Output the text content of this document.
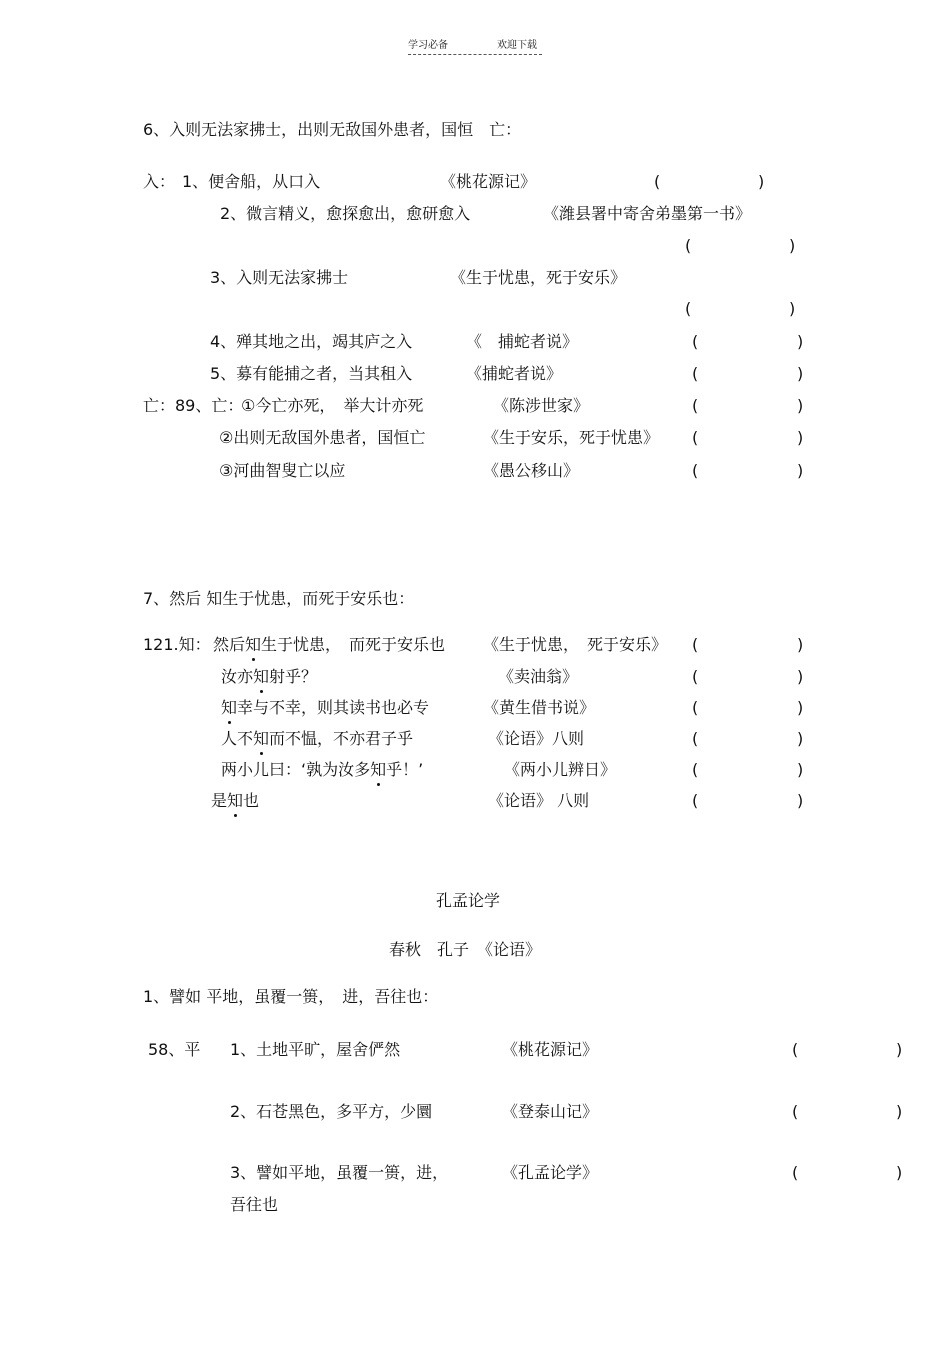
学习必备	欢迎下载
6、入则无法家拂士，出则无敌国外患者，国恒　亡：
入： 1、便舍船，从口入	《桃花源记》	(	)
2、微言精义，愈探愈出，愈研愈入	《潍县署中寄舍弟墨第一书》
(	)
3、入则无法家拂士	《生于忧患，死于安乐》
(	)
4、殚其地之出，竭其庐之入	《　捕蛇者说》	(	)
5、募有能捕之者，当其租入	《捕蛇者说》	(	)
亡：89、亡：
①今亡亦死，　举大计亦死	《陈涉世家》	(	)
②出则无敌国外患者，国恒亡	《生于安乐，死于忧患》 (	)
③河曲智叟亡以应	《愚公移山》	(	)
7、然后 知生于忧患，而死于安乐也：
121.知： 然后知生于忧患，　而死于安乐也 《生于忧患，　死于安乐》 (	)
汝亦知射乎？	《卖油翁》	(	)
知幸与不幸，则其读书也必专	《黄生借书说》	(	)
人不知而不愠，不亦君子乎	《论语》八则	(	)
两小儿曰：‘孰为汝多知乎！’	《两小儿辨日》	(	)
是知也	《论语》 八则	(	)
孔孟论学
春秋　孔子　《论语》
1、譬如 平地，虽覆一篑，　进，吾往也：
58、平 1、土地平旷，屋舍俨然	《桃花源记》	(	)
2、石苍黑色，多平方，少圜	《登泰山记》	(	)
3、譬如平地，虽覆一篑，进，	《孔孟论学》	(	)
吾往也
